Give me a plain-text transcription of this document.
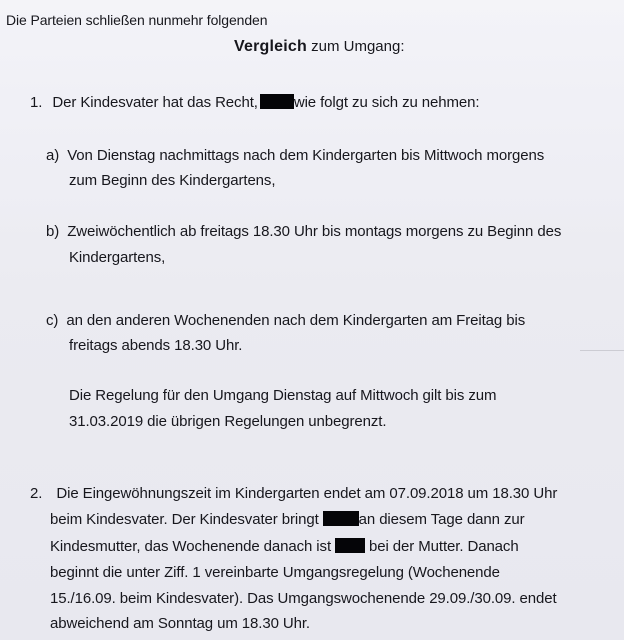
Die Parteien schließen nunmehr folgenden
Vergleich zum Umgang:
1. Der Kindesvater hat das Recht, wie folgt zu sich zu nehmen:
a) Von Dienstag nachmittags nach dem Kindergarten bis Mittwoch morgens
zum Beginn des Kindergartens,
b) Zweiwöchentlich ab freitags 18.30 Uhr bis montags morgens zu Beginn des
Kindergartens,
c) an den anderen Wochenenden nach dem Kindergarten am Freitag bis
freitags abends 18.30 Uhr.
Die Regelung für den Umgang Dienstag auf Mittwoch gilt bis zum
31.03.2019 die übrigen Regelungen unbegrenzt.
2. Die Eingewöhnungszeit im Kindergarten endet am 07.09.2018 um 18.30 Uhr
beim Kindesvater. Der Kindesvater bringt	an diesem Tage dann zur
Kindesmutter, das Wochenende danach ist	bei der Mutter. Danach
beginnt die unter Ziff. 1 vereinbarte Umgangsregelung (Wochenende
15./16.09. beim Kindesvater). Das Umgangswochenende 29.09./30.09. endet
abweichend am Sonntag um 18.30 Uhr.
